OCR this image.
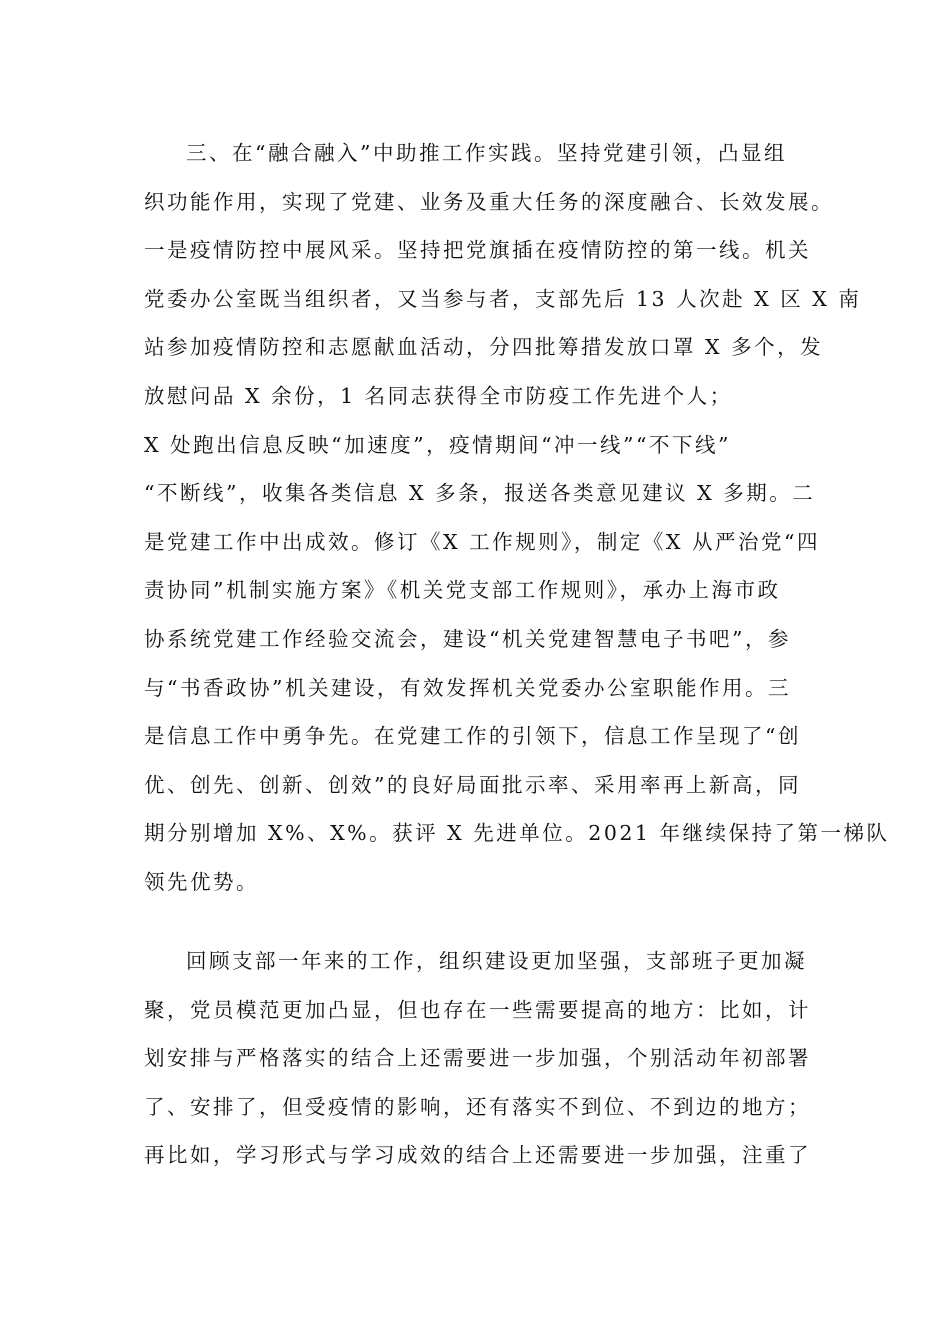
三、在“融合融入”中助推工作实践。坚持党建引领，凸显组
织功能作用，实现了党建、业务及重大任务的深度融合、长效发展。
一是疫情防控中展风采。坚持把党旗插在疫情防控的第一线。机关
党委办公室既当组织者，又当参与者，支部先后 13 人次赴 X 区 X 南
站参加疫情防控和志愿献血活动，分四批筹措发放口罩 X 多个，发
放慰问品 X 余份，1 名同志获得全市防疫工作先进个人；
X 处跑出信息反映“加速度”，疫情期间“冲一线”“不下线”
“不断线”，收集各类信息 X 多条，报送各类意见建议 X 多期。二
是党建工作中出成效。修订《X 工作规则》，制定《X 从严治党“四
责协同”机制实施方案》《机关党支部工作规则》，承办上海市政
协系统党建工作经验交流会，建设“机关党建智慧电子书吧”，参
与“书香政协”机关建设，有效发挥机关党委办公室职能作用。三
是信息工作中勇争先。在党建工作的引领下，信息工作呈现了“创
优、创先、创新、创效”的良好局面批示率、采用率再上新高，同
期分别增加 X%、X%。获评 X 先进单位。2021 年继续保持了第一梯队
领先优势。
回顾支部一年来的工作，组织建设更加坚强，支部班子更加凝
聚，党员模范更加凸显，但也存在一些需要提高的地方：比如，计
划安排与严格落实的结合上还需要进一步加强，个别活动年初部署
了、安排了，但受疫情的影响，还有落实不到位、不到边的地方；
再比如，学习形式与学习成效的结合上还需要进一步加强，注重了
